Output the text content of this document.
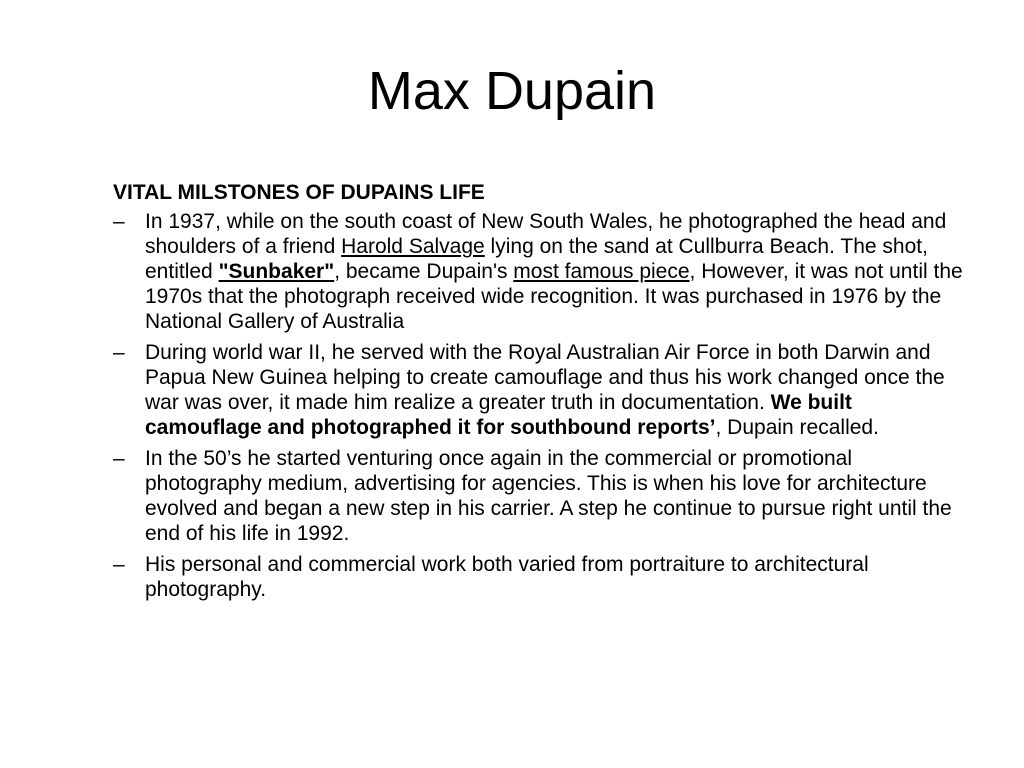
Max Dupain
VITAL MILSTONES OF DUPAINS LIFE
– In 1937, while on the south coast of New South Wales, he photographed the head and shoulders of a friend Harold Salvage lying on the sand at Cullburra Beach. The shot, entitled "Sunbaker", became Dupain's most famous piece, However, it was not until the 1970s that the photograph received wide recognition. It was purchased in 1976 by the National Gallery of Australia
– During world war II, he served with the Royal Australian Air Force in both Darwin and Papua New Guinea helping to create camouflage and thus his work changed once the war was over, it made him realize a greater truth in documentation. We built camouflage and photographed it for southbound reports’, Dupain recalled.
– In the 50’s he started venturing once again in the commercial or promotional photography medium, advertising for agencies. This is when his love for architecture evolved and began a new step in his carrier. A step he continue to pursue right until the end of his life in 1992.
– His personal and commercial work both varied from portraiture to architectural photography.
